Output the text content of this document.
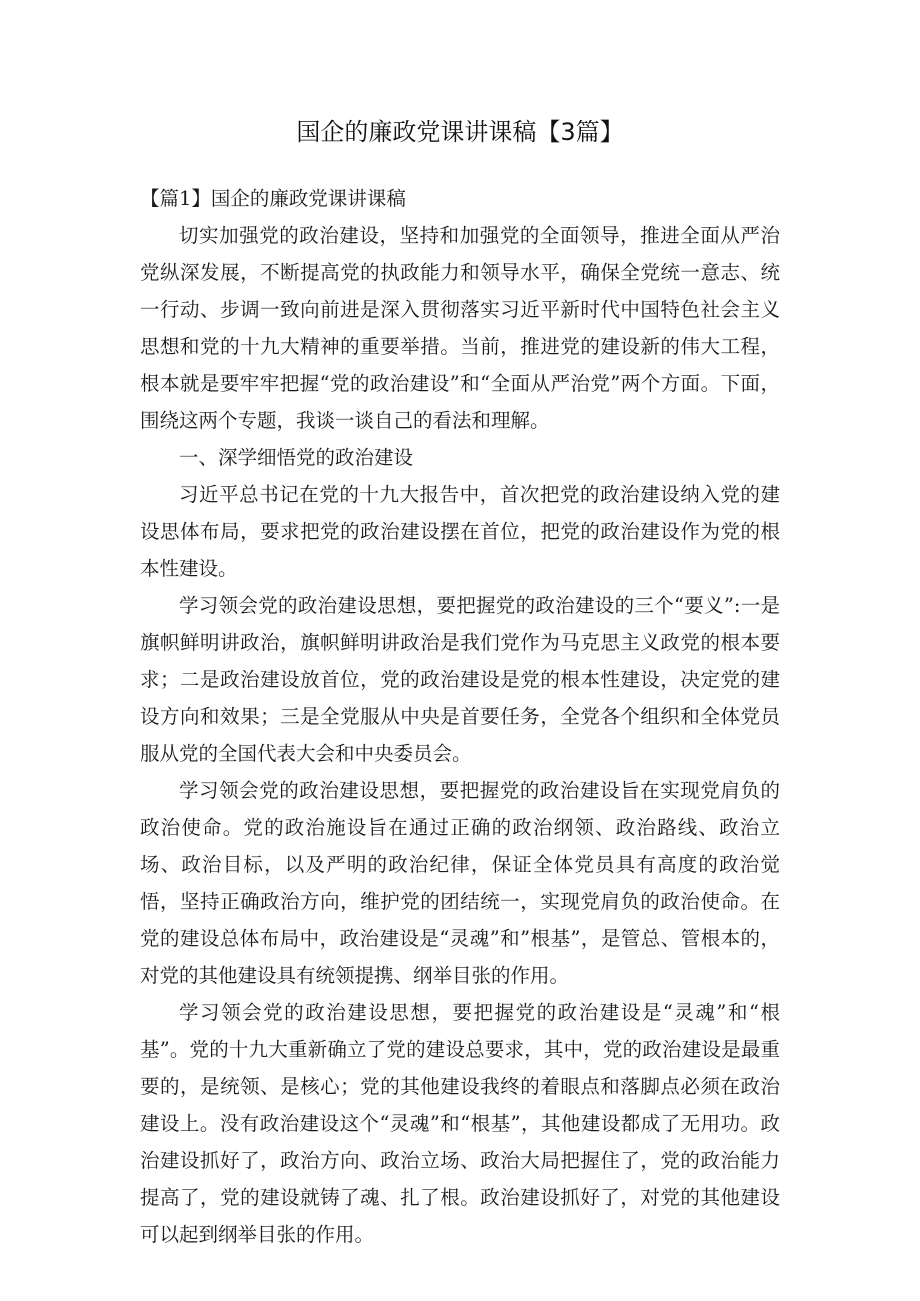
国企的廉政党课讲课稿【3篇】

【篇1】国企的廉政党课讲课稿

切实加强党的政治建设，坚持和加强党的全面领导，推进全面从严治党纵深发展，不断提高党的执政能力和领导水平，确保全党统一意志、统一行动、步调一致向前进是深入贯彻落实习近平新时代中国特色社会主义思想和党的十九大精神的重要举措。当前，推进党的建设新的伟大工程，根本就是要牢牢把握“党的政治建设”和“全面从严治党”两个方面。下面，围绕这两个专题，我谈一谈自己的看法和理解。

一、深学细悟党的政治建设

习近平总书记在党的十九大报告中，首次把党的政治建设纳入党的建设思体布局，要求把党的政治建设摆在首位，把党的政治建设作为党的根本性建设。

学习领会党的政治建设思想，要把握党的政治建设的三个“要义”:一是旗帜鲜明讲政治，旗帜鲜明讲政治是我们党作为马克思主义政党的根本要求；二是政治建设放首位，党的政治建设是党的根本性建设，决定党的建设方向和效果；三是全党服从中央是首要任务，全党各个组织和全体党员服从党的全国代表大会和中央委员会。

学习领会党的政治建设思想，要把握党的政治建设旨在实现党肩负的政治使命。党的政治施设旨在通过正确的政治纲领、政治路线、政治立场、政治目标，以及严明的政治纪律，保证全体党员具有高度的政治觉悟，坚持正确政治方向，维护党的团结统一，实现党肩负的政治使命。在党的建设总体布局中，政治建设是“灵魂”和”根基”，是管总、管根本的，对党的其他建设具有统领提携、纲举目张的作用。

学习领会党的政治建设思想，要把握党的政治建设是“灵魂”和“根基”。党的十九大重新确立了党的建设总要求，其中，党的政治建设是最重要的，是统领、是核心；党的其他建设我终的着眼点和落脚点必须在政治建设上。没有政治建设这个“灵魂”和“根基”，其他建设都成了无用功。政治建设抓好了，政治方向、政治立场、政治大局把握住了，党的政治能力提高了，党的建设就铸了魂、扎了根。政治建设抓好了，对党的其他建设可以起到纲举目张的作用。
